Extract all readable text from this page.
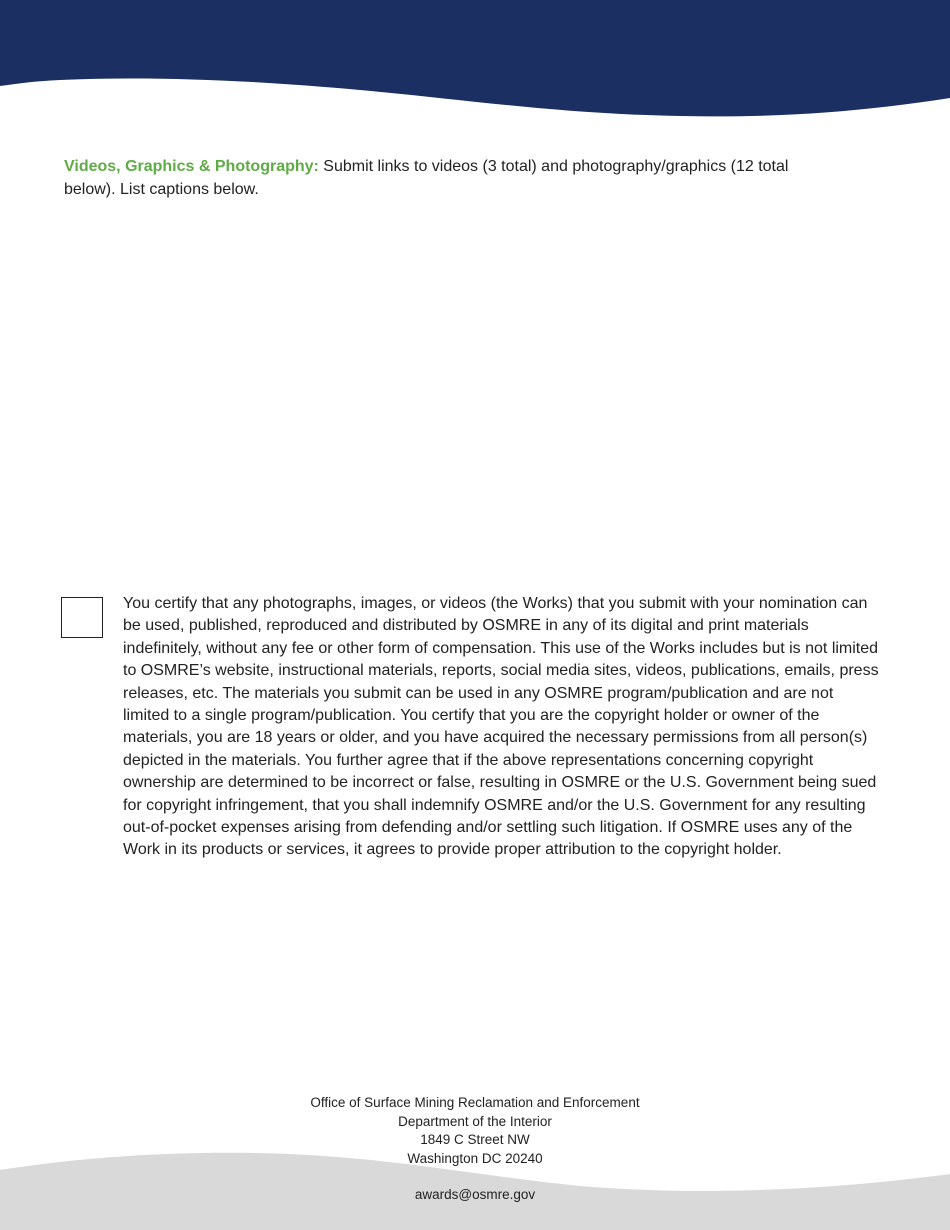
Videos, Graphics & Photography: Submit links to videos (3 total) and photography/graphics (12 total below). List captions below.

You certify that any photographs, images, or videos (the Works) that you submit with your nomination can be used, published, reproduced and distributed by OSMRE in any of its digital and print materials indefinitely, without any fee or other form of compensation. This use of the Works includes but is not limited to OSMRE’s website, instructional materials, reports, social media sites, videos, publications, emails, press releases, etc. The materials you submit can be used in any OSMRE program/publication and are not limited to a single program/publication. You certify that you are the copyright holder or owner of the materials, you are 18 years or older, and you have acquired the necessary permissions from all person(s) depicted in the materials. You further agree that if the above representations concerning copyright ownership are determined to be incorrect or false, resulting in OSMRE or the U.S. Government being sued for copyright infringement, that you shall indemnify OSMRE and/or the U.S. Government for any resulting out-of-pocket expenses arising from defending and/or settling such litigation. If OSMRE uses any of the Work in its products or services, it agrees to provide proper attribution to the copyright holder.

Office of Surface Mining Reclamation and Enforcement
Department of the Interior
1849 C Street NW
Washington DC 20240
awards@osmre.gov
